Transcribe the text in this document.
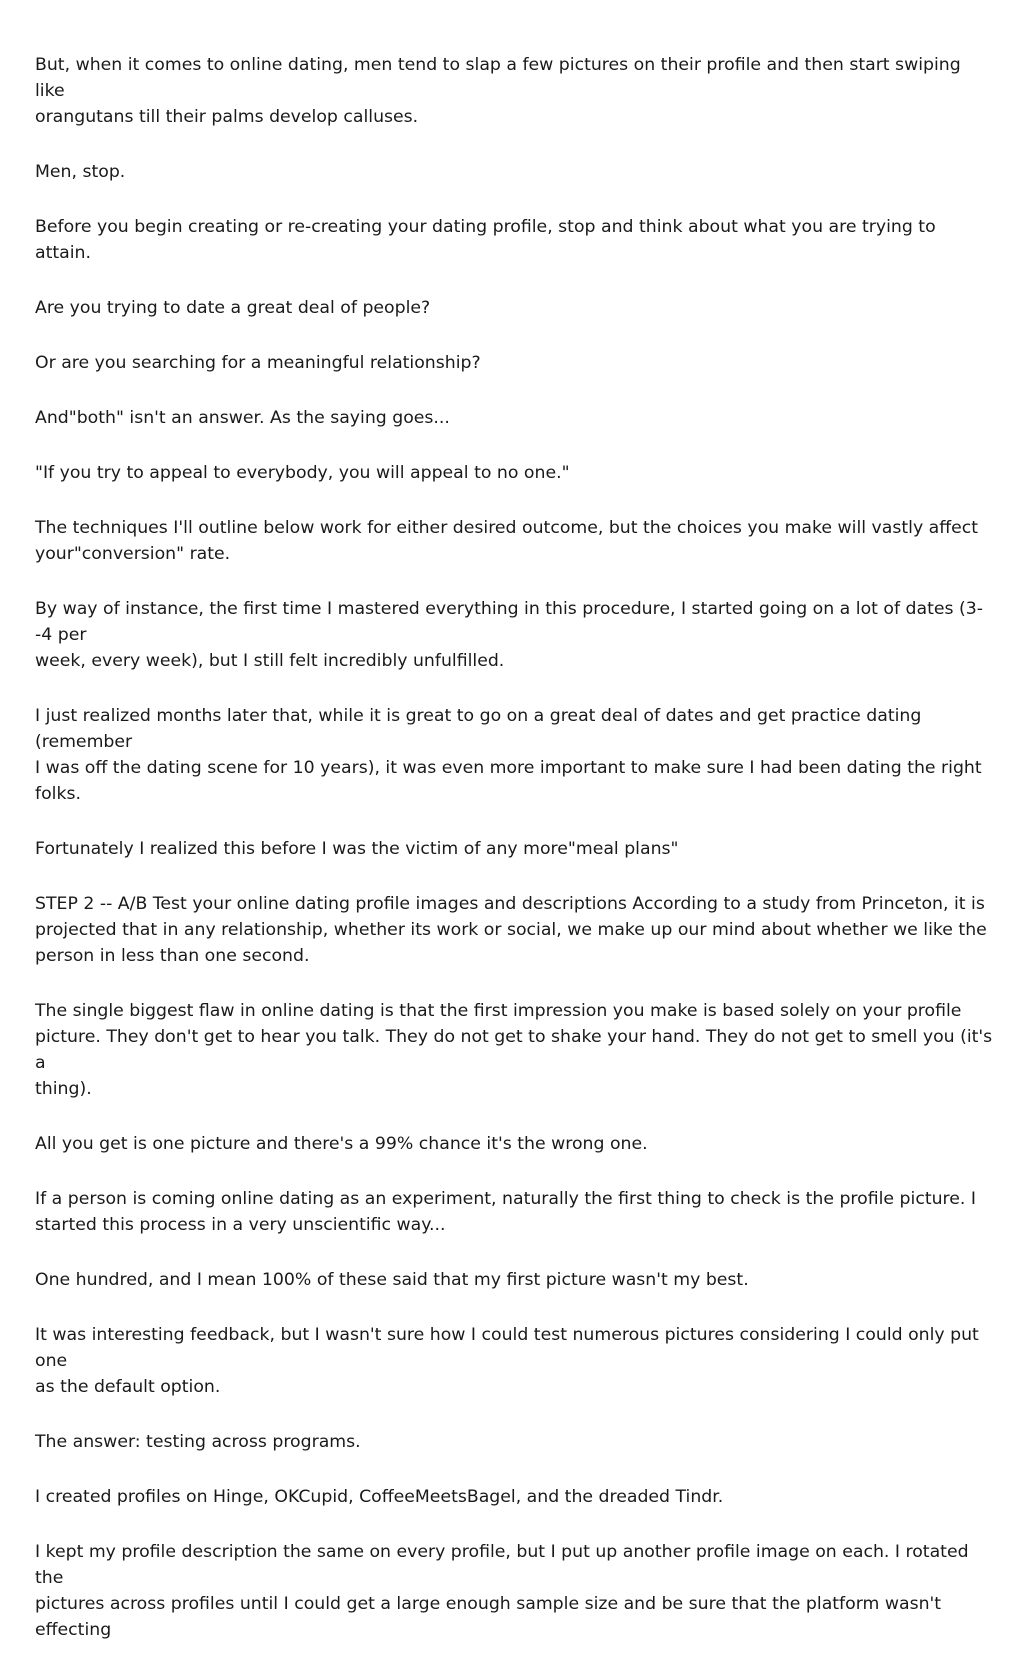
But, when it comes to online dating, men tend to slap a few pictures on their profile and then start swiping like
orangutans till their palms develop calluses.

Men, stop.

Before you begin creating or re-creating your dating profile, stop and think about what you are trying to attain.

Are you trying to date a great deal of people?

Or are you searching for a meaningful relationship?

And"both" isn't an answer. As the saying goes...

"If you try to appeal to everybody, you will appeal to no one."

The techniques I'll outline below work for either desired outcome, but the choices you make will vastly affect
your"conversion" rate.

By way of instance, the first time I mastered everything in this procedure, I started going on a lot of dates (3--4 per
week, every week), but I still felt incredibly unfulfilled.

I just realized months later that, while it is great to go on a great deal of dates and get practice dating (remember
I was off the dating scene for 10 years), it was even more important to make sure I had been dating the right folks.

Fortunately I realized this before I was the victim of any more"meal plans"

STEP 2 -- A/B Test your online dating profile images and descriptions According to a study from Princeton, it is
projected that in any relationship, whether its work or social, we make up our mind about whether we like the
person in less than one second.

The single biggest flaw in online dating is that the first impression you make is based solely on your profile
picture. They don't get to hear you talk. They do not get to shake your hand. They do not get to smell you (it's a
thing).

All you get is one picture and there's a 99% chance it's the wrong one.

If a person is coming online dating as an experiment, naturally the first thing to check is the profile picture. I
started this process in a very unscientific way...

One hundred, and I mean 100% of these said that my first picture wasn't my best.

It was interesting feedback, but I wasn't sure how I could test numerous pictures considering I could only put one
as the default option.

The answer: testing across programs.

I created profiles on Hinge, OKCupid, CoffeeMeetsBagel, and the dreaded Tindr.

I kept my profile description the same on every profile, but I put up another profile image on each. I rotated the
pictures across profiles until I could get a large enough sample size and be sure that the platform wasn't effecting
